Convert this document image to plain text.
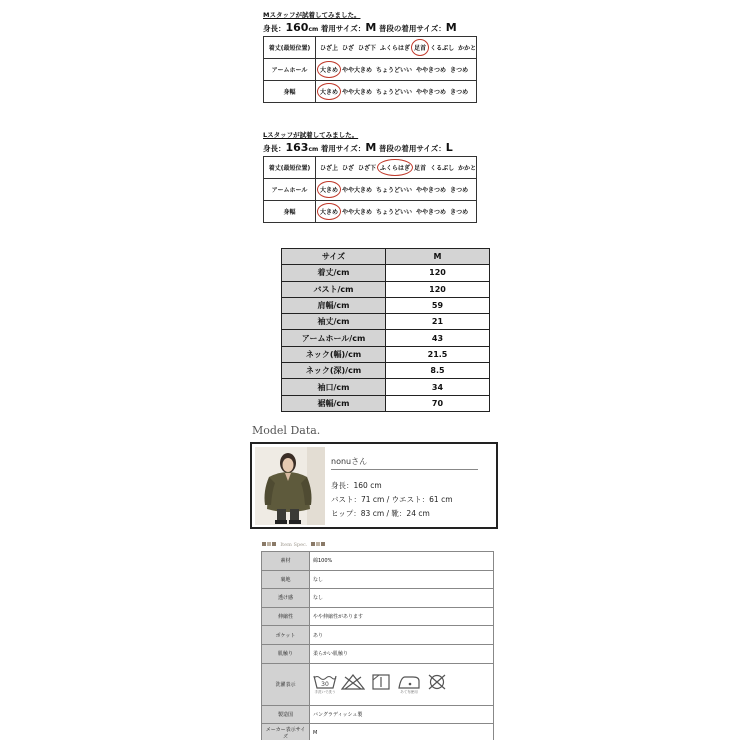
Mスタッフが試着してみました。
身長：160cm 着用サイズ：M 普段の着用サイズ：M
着丈(最短位置)	ひざ上 ひざ ひざ下 ふくらはぎ 足首 くるぶし かかと
アームホール	大きめ やや大きめ ちょうどいい ややきつめ きつめ
身幅	大きめ やや大きめ ちょうどいい ややきつめ きつめ
Lスタッフが試着してみました。
身長：163cm 着用サイズ：M 普段の着用サイズ：L
着丈(最短位置)	ひざ上 ひざ ひざ下 ふくらはぎ 足首 くるぶし かかと
アームホール	大きめ やや大きめ ちょうどいい ややきつめ きつめ
身幅	大きめ やや大きめ ちょうどいい ややきつめ きつめ
サイズ	M
着丈/cm	120
バスト/cm	120
肩幅/cm	59
袖丈/cm	21
アームホール/cm	43
ネック(幅)/cm	21.5
ネック(深)/cm	8.5
袖口/cm	34
裾幅/cm	70
Model Data.
nonuさん
身長：160 cm
バスト：71 cm / ウエスト：61 cm
ヒップ：83 cm / 靴：24 cm
Item Spec.
素材	綿100%
裏地	なし
透け感	なし
伸縮性	やや伸縮性があります
ポケット	あり
肌触り	柔らかい肌触り
洗濯表示	30
手洗いで洗う あて布使用

製造国	バングラディッシュ製
メーカー表示サイズ	M
